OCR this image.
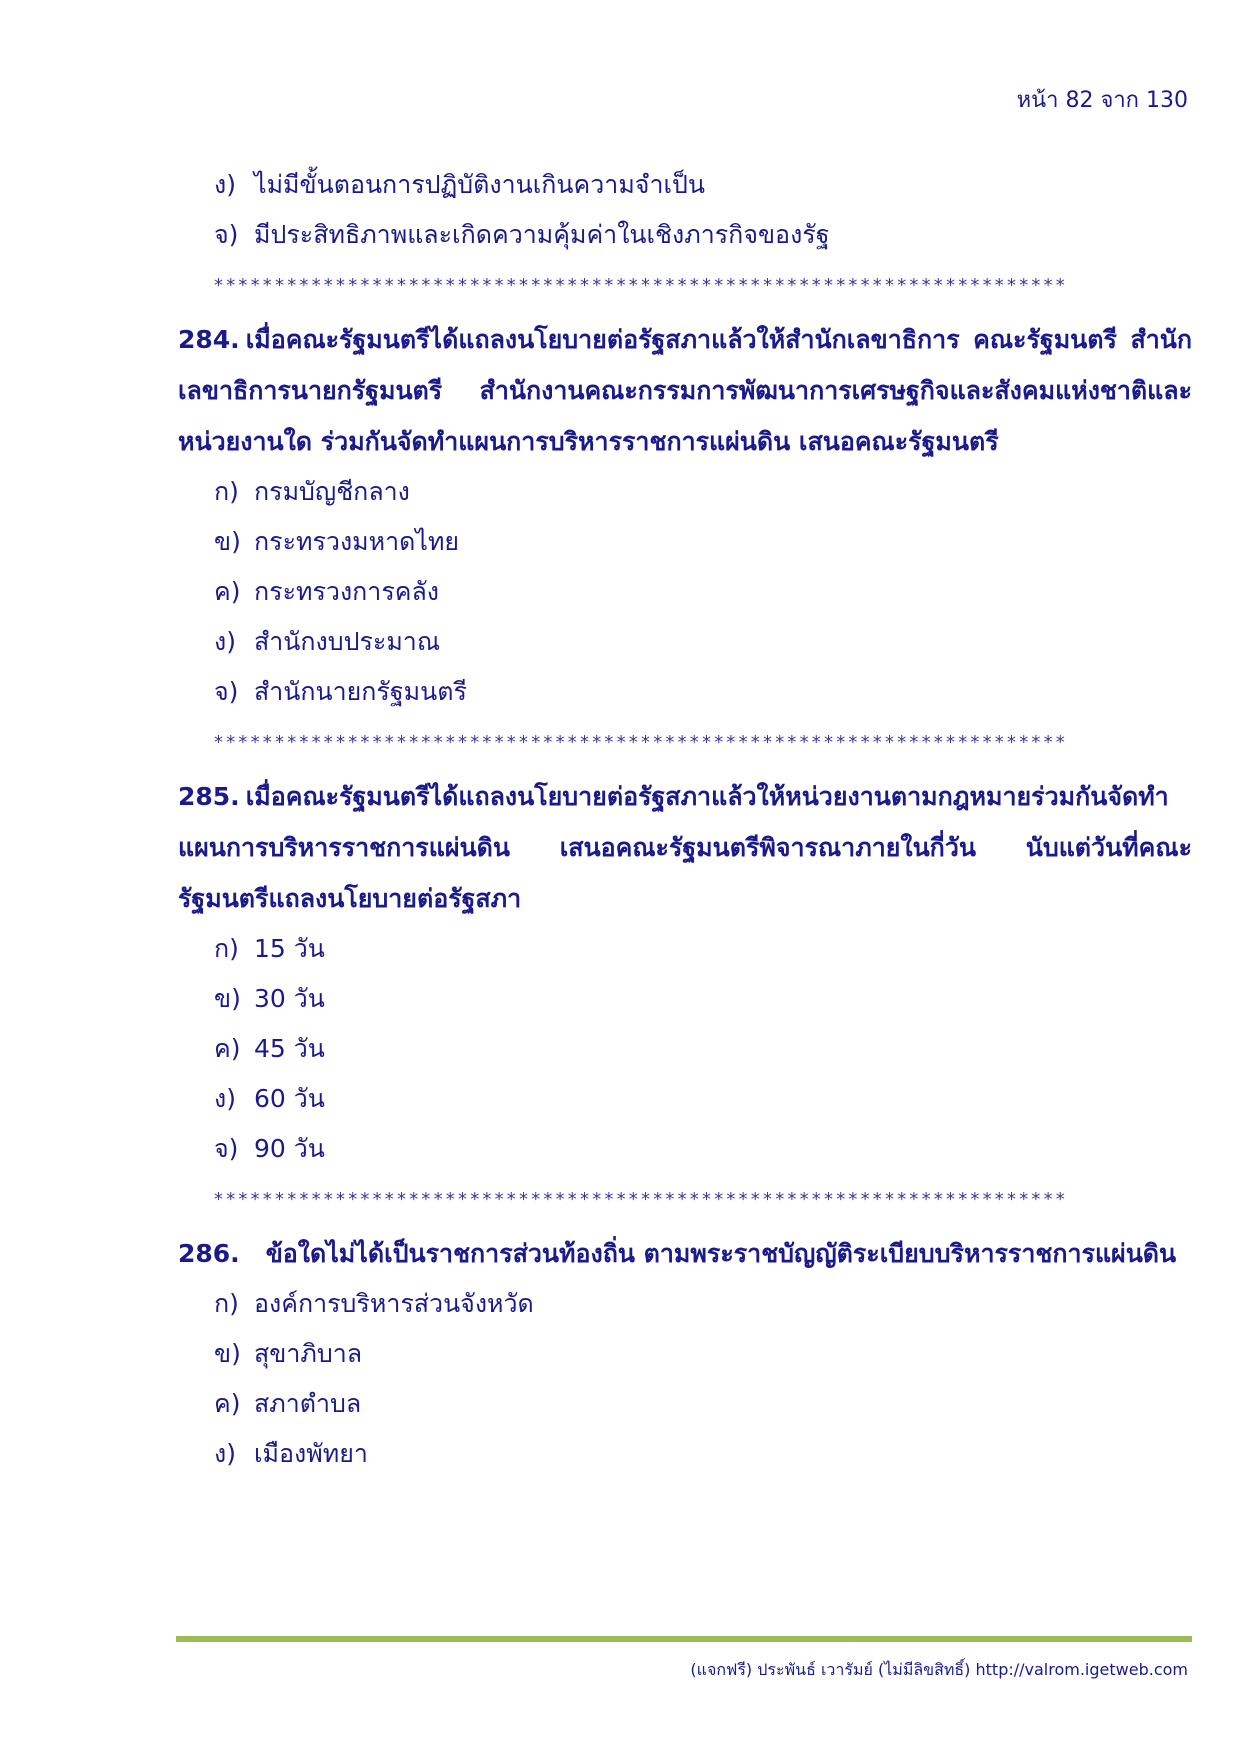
หน้า 82 จาก 130
ง) ไม่มีขั้นตอนการปฏิบัติงานเกินความจำเป็น
จ) มีประสิทธิภาพและเกิดความคุ้มค่าในเชิงภารกิจของรัฐ
**********************************************************************
284. เมื่อคณะรัฐมนตรีได้แถลงนโยบายต่อรัฐสภาแล้วให้สำนักเลขาธิการ คณะรัฐมนตรี สำนักเลขาธิการนายกรัฐมนตรี สำนักงานคณะกรรมการพัฒนาการเศรษฐกิจและสังคมแห่งชาติและหน่วยงานใด ร่วมกันจัดทำแผนการบริหารราชการแผ่นดิน เสนอคณะรัฐมนตรี
ก) กรมบัญชีกลาง
ข) กระทรวงมหาดไทย
ค) กระทรวงการคลัง
ง) สำนักงบประมาณ
จ) สำนักนายกรัฐมนตรี
**********************************************************************
285. เมื่อคณะรัฐมนตรีได้แถลงนโยบายต่อรัฐสภาแล้วให้หน่วยงานตามกฎหมายร่วมกันจัดทำแผนการบริหารราชการแผ่นดิน เสนอคณะรัฐมนตรีพิจารณาภายในกี่วัน นับแต่วันที่คณะรัฐมนตรีแถลงนโยบายต่อรัฐสภา
ก) 15 วัน
ข) 30 วัน
ค) 45 วัน
ง) 60 วัน
จ) 90 วัน
**********************************************************************
286. ข้อใดไม่ได้เป็นราชการส่วนท้องถิ่น ตามพระราชบัญญัติระเบียบบริหารราชการแผ่นดิน
ก) องค์การบริหารส่วนจังหวัด
ข) สุขาภิบาล
ค) สภาตำบล
ง) เมืองพัทยา
(แจกฟรี) ประพันธ์ เวารัมย์ (ไม่มีลิขสิทธิ์) http://valrom.igetweb.com
